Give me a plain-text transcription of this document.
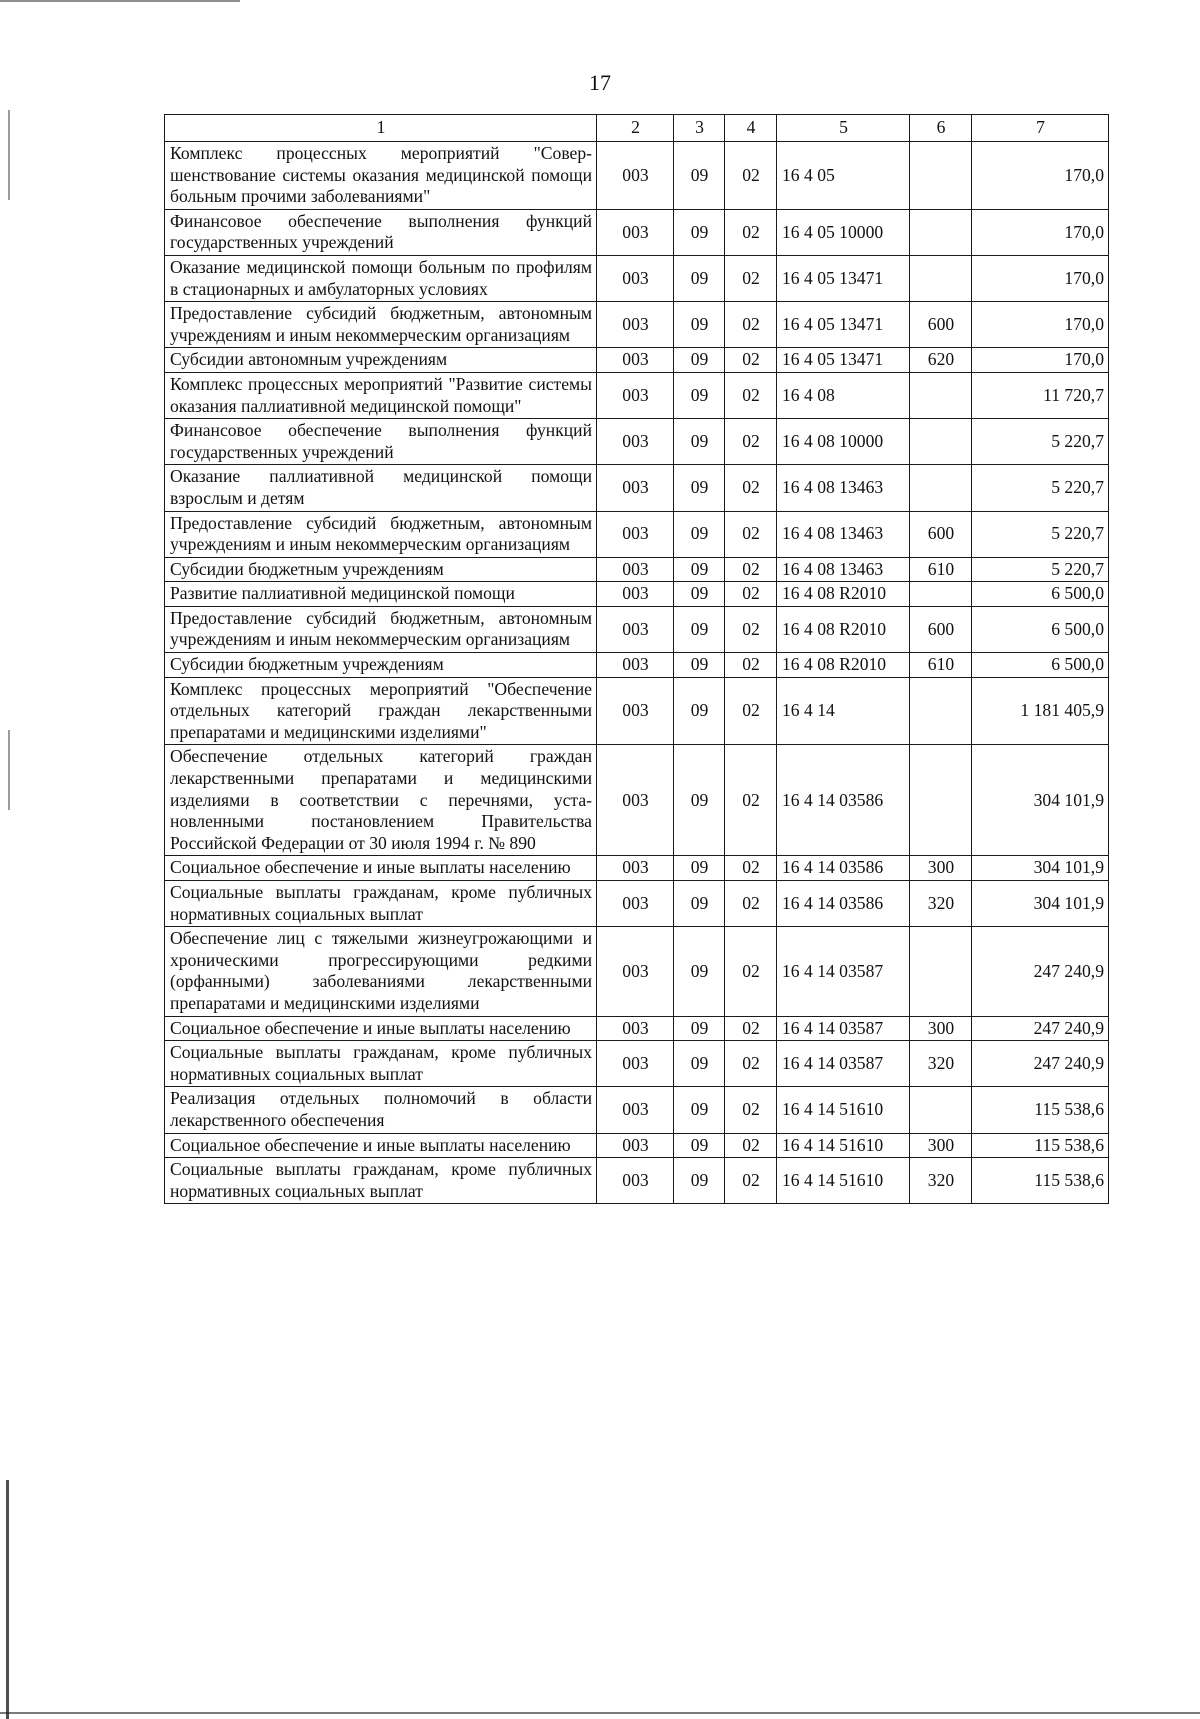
17
1	2	3	4	5	6	7
Комплекс процессных мероприятий "Совершенствование системы оказания медицинской помощи больным прочими заболеваниями"	003	09	02	16 4 05		170,0
Финансовое обеспечение выполнения функций государственных учреждений	003	09	02	16 4 05 10000		170,0
Оказание медицинской помощи больным по профилям в стационарных и амбулаторных условиях	003	09	02	16 4 05 13471		170,0
Предоставление субсидий бюджетным, автономным учреждениям и иным некоммерческим организациям	003	09	02	16 4 05 13471	600	170,0
Субсидии автономным учреждениям	003	09	02	16 4 05 13471	620	170,0
Комплекс процессных мероприятий "Развитие системы оказания паллиативной медицинской помощи"	003	09	02	16 4 08		11 720,7
Финансовое обеспечение выполнения функций государственных учреждений	003	09	02	16 4 08 10000		5 220,7
Оказание паллиативной медицинской помощи взрослым и детям	003	09	02	16 4 08 13463		5 220,7
Предоставление субсидий бюджетным, автономным учреждениям и иным некоммерческим организациям	003	09	02	16 4 08 13463	600	5 220,7
Субсидии бюджетным учреждениям	003	09	02	16 4 08 13463	610	5 220,7
Развитие паллиативной медицинской помощи	003	09	02	16 4 08 R2010		6 500,0
Предоставление субсидий бюджетным, автономным учреждениям и иным некоммерческим организациям	003	09	02	16 4 08 R2010	600	6 500,0
Субсидии бюджетным учреждениям	003	09	02	16 4 08 R2010	610	6 500,0
Комплекс процессных мероприятий "Обеспечение отдельных категорий граждан лекарственными препаратами и медицинскими изделиями"	003	09	02	16 4 14		1 181 405,9
Обеспечение отдельных категорий граждан лекарственными препаратами и медицинскими изделиями в соответствии с перечнями, установленными постановлением Правительства Российской Федерации от 30 июля 1994 г. № 890	003	09	02	16 4 14 03586		304 101,9
Социальное обеспечение и иные выплаты населению	003	09	02	16 4 14 03586	300	304 101,9
Социальные выплаты гражданам, кроме публичных нормативных социальных выплат	003	09	02	16 4 14 03586	320	304 101,9
Обеспечение лиц с тяжелыми жизнеугрожающими и хроническими прогрессирующими редкими (орфанными) заболеваниями лекарственными препаратами и медицинскими изделиями	003	09	02	16 4 14 03587		247 240,9
Социальное обеспечение и иные выплаты населению	003	09	02	16 4 14 03587	300	247 240,9
Социальные выплаты гражданам, кроме публичных нормативных социальных выплат	003	09	02	16 4 14 03587	320	247 240,9
Реализация отдельных полномочий в области лекарственного обеспечения	003	09	02	16 4 14 51610		115 538,6
Социальное обеспечение и иные выплаты населению	003	09	02	16 4 14 51610	300	115 538,6
Социальные выплаты гражданам, кроме публичных нормативных социальных выплат	003	09	02	16 4 14 51610	320	115 538,6
